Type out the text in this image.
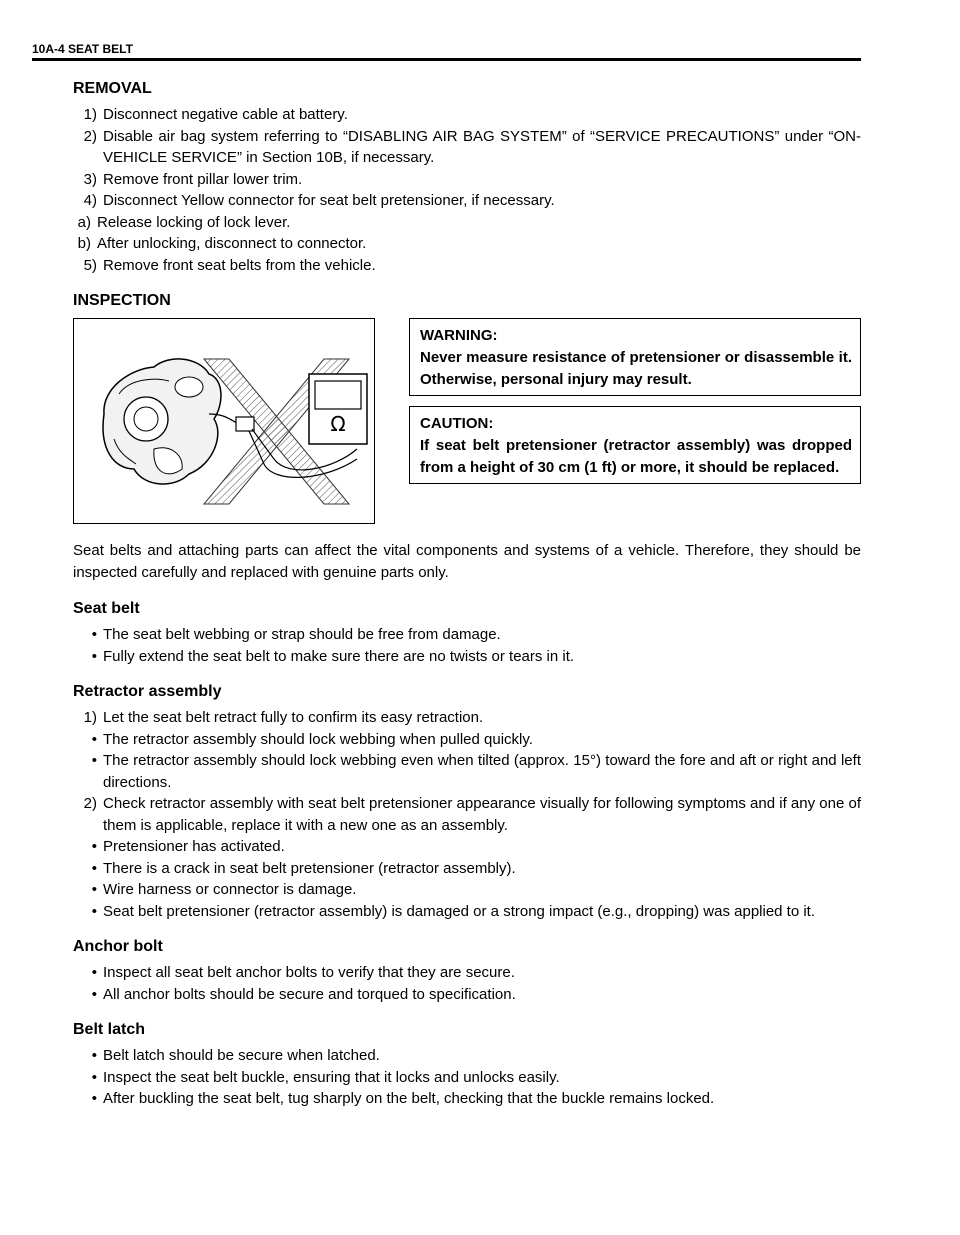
10A-4 SEAT BELT
REMOVAL
1) Disconnect negative cable at battery.
2) Disable air bag system referring to “DISABLING AIR BAG SYSTEM” of “SERVICE PRECAUTIONS” under “ON-VEHICLE SERVICE” in Section 10B, if necessary.
3) Remove front pillar lower trim.
4) Disconnect Yellow connector for seat belt pretensioner, if necessary.
a) Release locking of lock lever.
b) After unlocking, disconnect to connector.
5) Remove front seat belts from the vehicle.
INSPECTION
Ω
WARNING:
Never measure resistance of pretensioner or disassemble it. Otherwise, personal injury may result.
CAUTION:
If seat belt pretensioner (retractor assembly) was dropped from a height of 30 cm (1 ft) or more, it should be replaced.

Seat belts and attaching parts can affect the vital components and systems of a vehicle. Therefore, they should be inspected carefully and replaced with genuine parts only.

Seat belt
• The seat belt webbing or strap should be free from damage.
• Fully extend the seat belt to make sure there are no twists or tears in it.
Retractor assembly
1) Let the seat belt retract fully to confirm its easy retraction.
• The retractor assembly should lock webbing when pulled quickly.
• The retractor assembly should lock webbing even when tilted (approx. 15°) toward the fore and aft or right and left directions.
2) Check retractor assembly with seat belt pretensioner appearance visually for following symptoms and if any one of them is applicable, replace it with a new one as an assembly.
• Pretensioner has activated.
• There is a crack in seat belt pretensioner (retractor assembly).
• Wire harness or connector is damage.
• Seat belt pretensioner (retractor assembly) is damaged or a strong impact (e.g., dropping) was applied to it.
Anchor bolt
• Inspect all seat belt anchor bolts to verify that they are secure.
• All anchor bolts should be secure and torqued to specification.
Belt latch
• Belt latch should be secure when latched.
• Inspect the seat belt buckle, ensuring that it locks and unlocks easily.
• After buckling the seat belt, tug sharply on the belt, checking that the buckle remains locked.
